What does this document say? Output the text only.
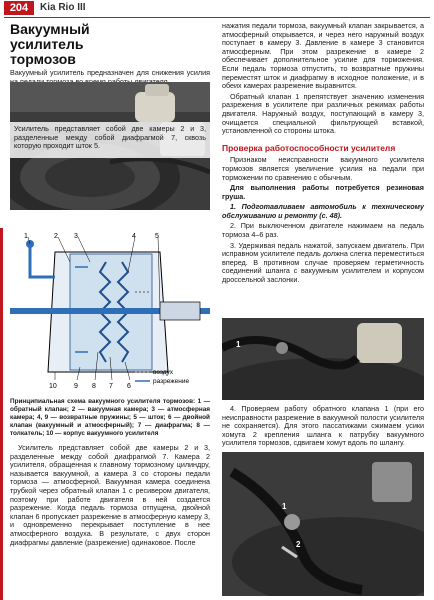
204	Kia Rio III
Вакуумный усилитель тормозов

Вакуумный усилитель предназначен для снижения усилия

Усилитель представляет собой две камеры 2 и 3, разделенные между собой диафрагмой 7, сквозь которую проходит шток 5.
1	2 3	4	5
6
7
8
9
10
воздух
разрежение

Принципиальная схема вакуумного усилителя тормозов: 1 — обратный клапан; 2 — вакуумная камера; 3 — атмосферная камера; 4, 9 — возвратные пружины; 5 — шток; 6 — двойной клапан (вакуумный и атмосферный); 7 — диафрагма; 8 — толкатель; 10 — корпус вакуумного усилителя

Усилитель представляет собой две камеры 2 и 3, разделенные между собой диафрагмой 7. Камера 2 усилителя, обращенная к главному тормозному цилиндру, называется вакуумной, а камера 3 со стороны педали тормоза — атмосферной. Вакуумная камера соединена трубкой через обратный клапан 1 с ресивером двигателя, поэтому при работе двигателя в ней создается разрежение. Когда педаль тормоза отпущена, двойной клапан 6 пропускает разрежение в атмосферную камеру 3, и одновременно перекрывает поступление в нее атмосферного воздуха. В результате, с двух сторон диафрагмы давление (разрежение) одинаковое. После

нажатия педали тормоза, вакуумный клапан закрывается, а атмосферный открывается, и через него наружный воздух поступает в камеру 3. Давление в камере 3 становится атмосферным. При этом разрежение в камере 2 обеспечивает дополнительное усилие для торможения. Если педаль тормоза отпустить, то возвратные пружины переместят шток и диафрагму в исходное положение, и в обеих камерах разрежение выравнится.

Обратный клапан 1 препятствует значению изменения разрежения в усилителе при различных режимах работы двигателя. Наружный воздух, поступающий в камеру 3, очищается специальной фильтрующей вставкой, установленной со стороны штока.

Проверка работоспособности усилителя

Признаком неисправности вакуумного усилителя тормозов является увеличение усилия на педали при торможении по сравнению с обычным.

Для выполнения работы потребуется резиновая груша.

1. Подготавливаем автомобиль к техническому обслуживанию и ремонту (с. 48).

2. При выключенном двигателе нажимаем на педаль тормоза 4–6 раз.

3. Удерживая педаль нажатой, запускаем двигатель. При исправном усилителе педаль должна слегка переместиться вперед. В противном случае проверяем герметичность соединений шланга с вакуумным усилителем и корпусом дроссельной заслонки.

1

4. Проверяем работу обратного клапана 1 (при его неисправности разрежение в вакуумной полости усилителя не сохраняется). Для этого пассатижами сжимаем усики хомута 2 крепления шланга к патрубку вакуумного усилителя тормозов, сдвигаем хомут вдоль по шлангу.

1
2
